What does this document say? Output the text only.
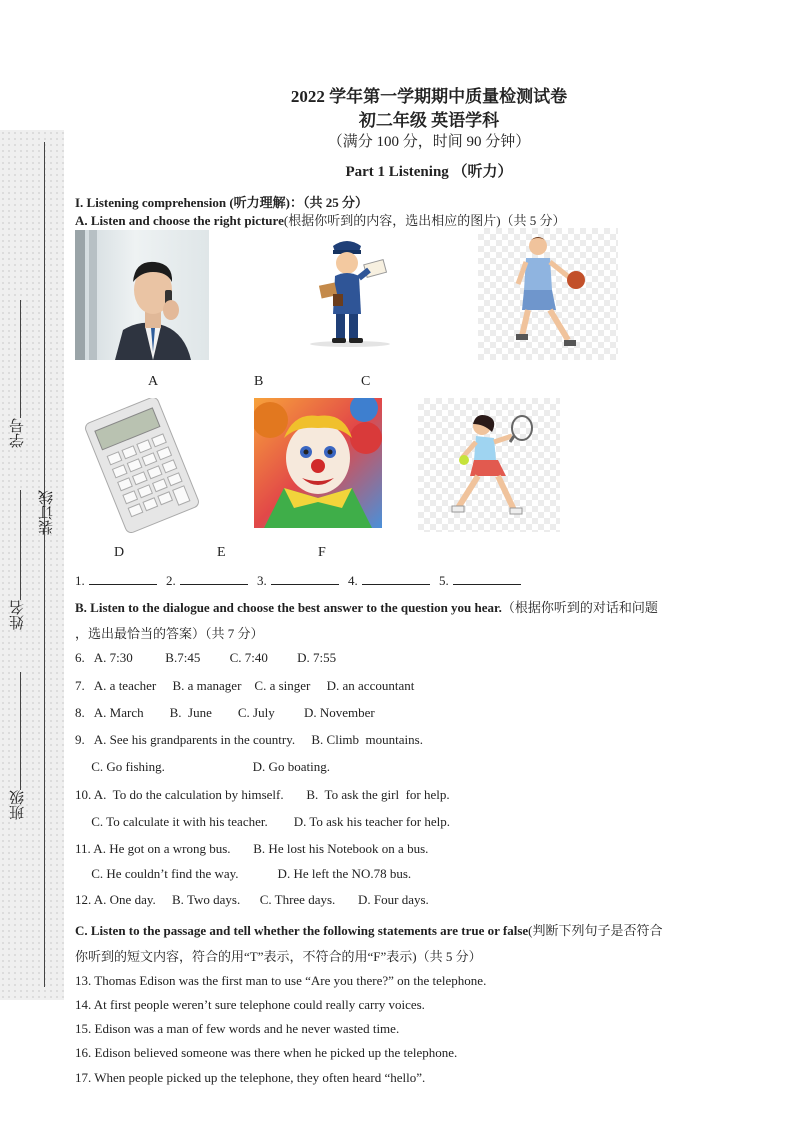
学号
姓名
班级
装订线
2022 学年第一学期期中质量检测试卷
初二年级 英语学科
（满分 100 分，时间 90 分钟）
Part 1 Listening （听力）
I. Listening comprehension (听力理解)：（共 25 分）
A. Listen and choose the right picture(根据你听到的内容，选出相应的图片)（共 5 分）
A	B	C
D	E	F
1.	2.	3.	4.	5.
B. Listen to the dialogue and choose the best answer to the question you hear.（根据你听到的对话和问题
，选出最恰当的答案）（共 7 分）
6.   A. 7:30          B.7:45         C. 7:40         D. 7:55
7.   A. a teacher     B. a manager    C. a singer     D. an accountant
8.   A. March        B.  June        C. July         D. November
9.   A. See his grandparents in the country.     B. Climb  mountains.
C. Go fishing.                           D. Go boating.
10. A.  To do the calculation by himself.       B.  To ask the girl  for help.
C. To calculate it with his teacher.        D. To ask his teacher for help.
11. A. He got on a wrong bus.       B. He lost his Notebook on a bus.
C. He couldn’t find the way.            D. He left the NO.78 bus.
12. A. One day.     B. Two days.      C. Three days.       D. Four days.
C. Listen to the passage and tell whether the following statements are true or false(判断下列句子是否符合
你听到的短文内容，符合的用“T”表示，不符合的用“F”表示)（共 5 分）
13. Thomas Edison was the first man to use “Are you there?” on the telephone.
14. At first people weren’t sure telephone could really carry voices.
15. Edison was a man of few words and he never wasted time.
16. Edison believed someone was there when he picked up the telephone.
17. When people picked up the telephone, they often heard “hello”.
